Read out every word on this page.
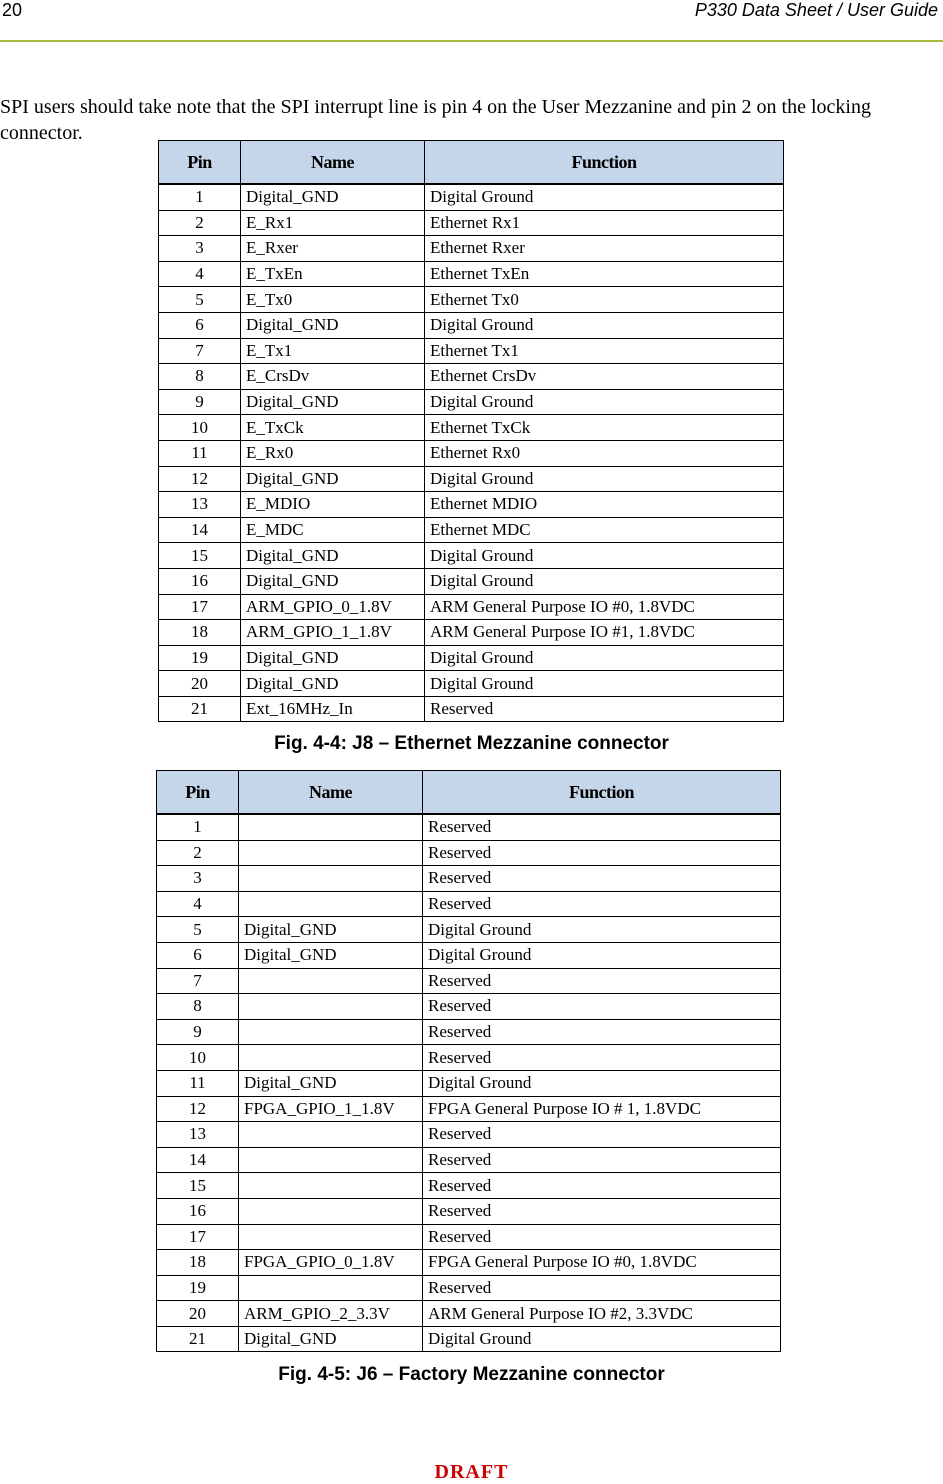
20	P330 Data Sheet / User Guide

SPI users should take note that the SPI interrupt line is pin 4 on the User Mezzanine and pin 2 on the locking connector.

Pin	Name	Function
1	Digital_GND	Digital Ground
2	E_Rx1	Ethernet Rx1
3	E_Rxer	Ethernet Rxer
4	E_TxEn	Ethernet TxEn
5	E_Tx0	Ethernet Tx0
6	Digital_GND	Digital Ground
7	E_Tx1	Ethernet Tx1
8	E_CrsDv	Ethernet CrsDv
9	Digital_GND	Digital Ground
10	E_TxCk	Ethernet TxCk
11	E_Rx0	Ethernet Rx0
12	Digital_GND	Digital Ground
13	E_MDIO	Ethernet MDIO
14	E_MDC	Ethernet MDC
15	Digital_GND	Digital Ground
16	Digital_GND	Digital Ground
17	ARM_GPIO_0_1.8V	ARM General Purpose IO #0, 1.8VDC
18	ARM_GPIO_1_1.8V	ARM General Purpose IO #1, 1.8VDC
19	Digital_GND	Digital Ground
20	Digital_GND	Digital Ground
21	Ext_16MHz_In	Reserved
Fig. 4-4: J8 – Ethernet Mezzanine connector
Pin	Name	Function
1		Reserved
2		Reserved
3		Reserved
4		Reserved
5	Digital_GND	Digital Ground
6	Digital_GND	Digital Ground
7		Reserved
8		Reserved
9		Reserved
10		Reserved
11	Digital_GND	Digital Ground
12	FPGA_GPIO_1_1.8V	FPGA General Purpose IO # 1, 1.8VDC
13		Reserved
14		Reserved
15		Reserved
16		Reserved
17		Reserved
18	FPGA_GPIO_0_1.8V	FPGA General Purpose IO #0, 1.8VDC
19		Reserved
20	ARM_GPIO_2_3.3V	ARM General Purpose IO #2, 3.3VDC
21	Digital_GND	Digital Ground
Fig. 4-5: J6 – Factory Mezzanine connector
DRAFT
